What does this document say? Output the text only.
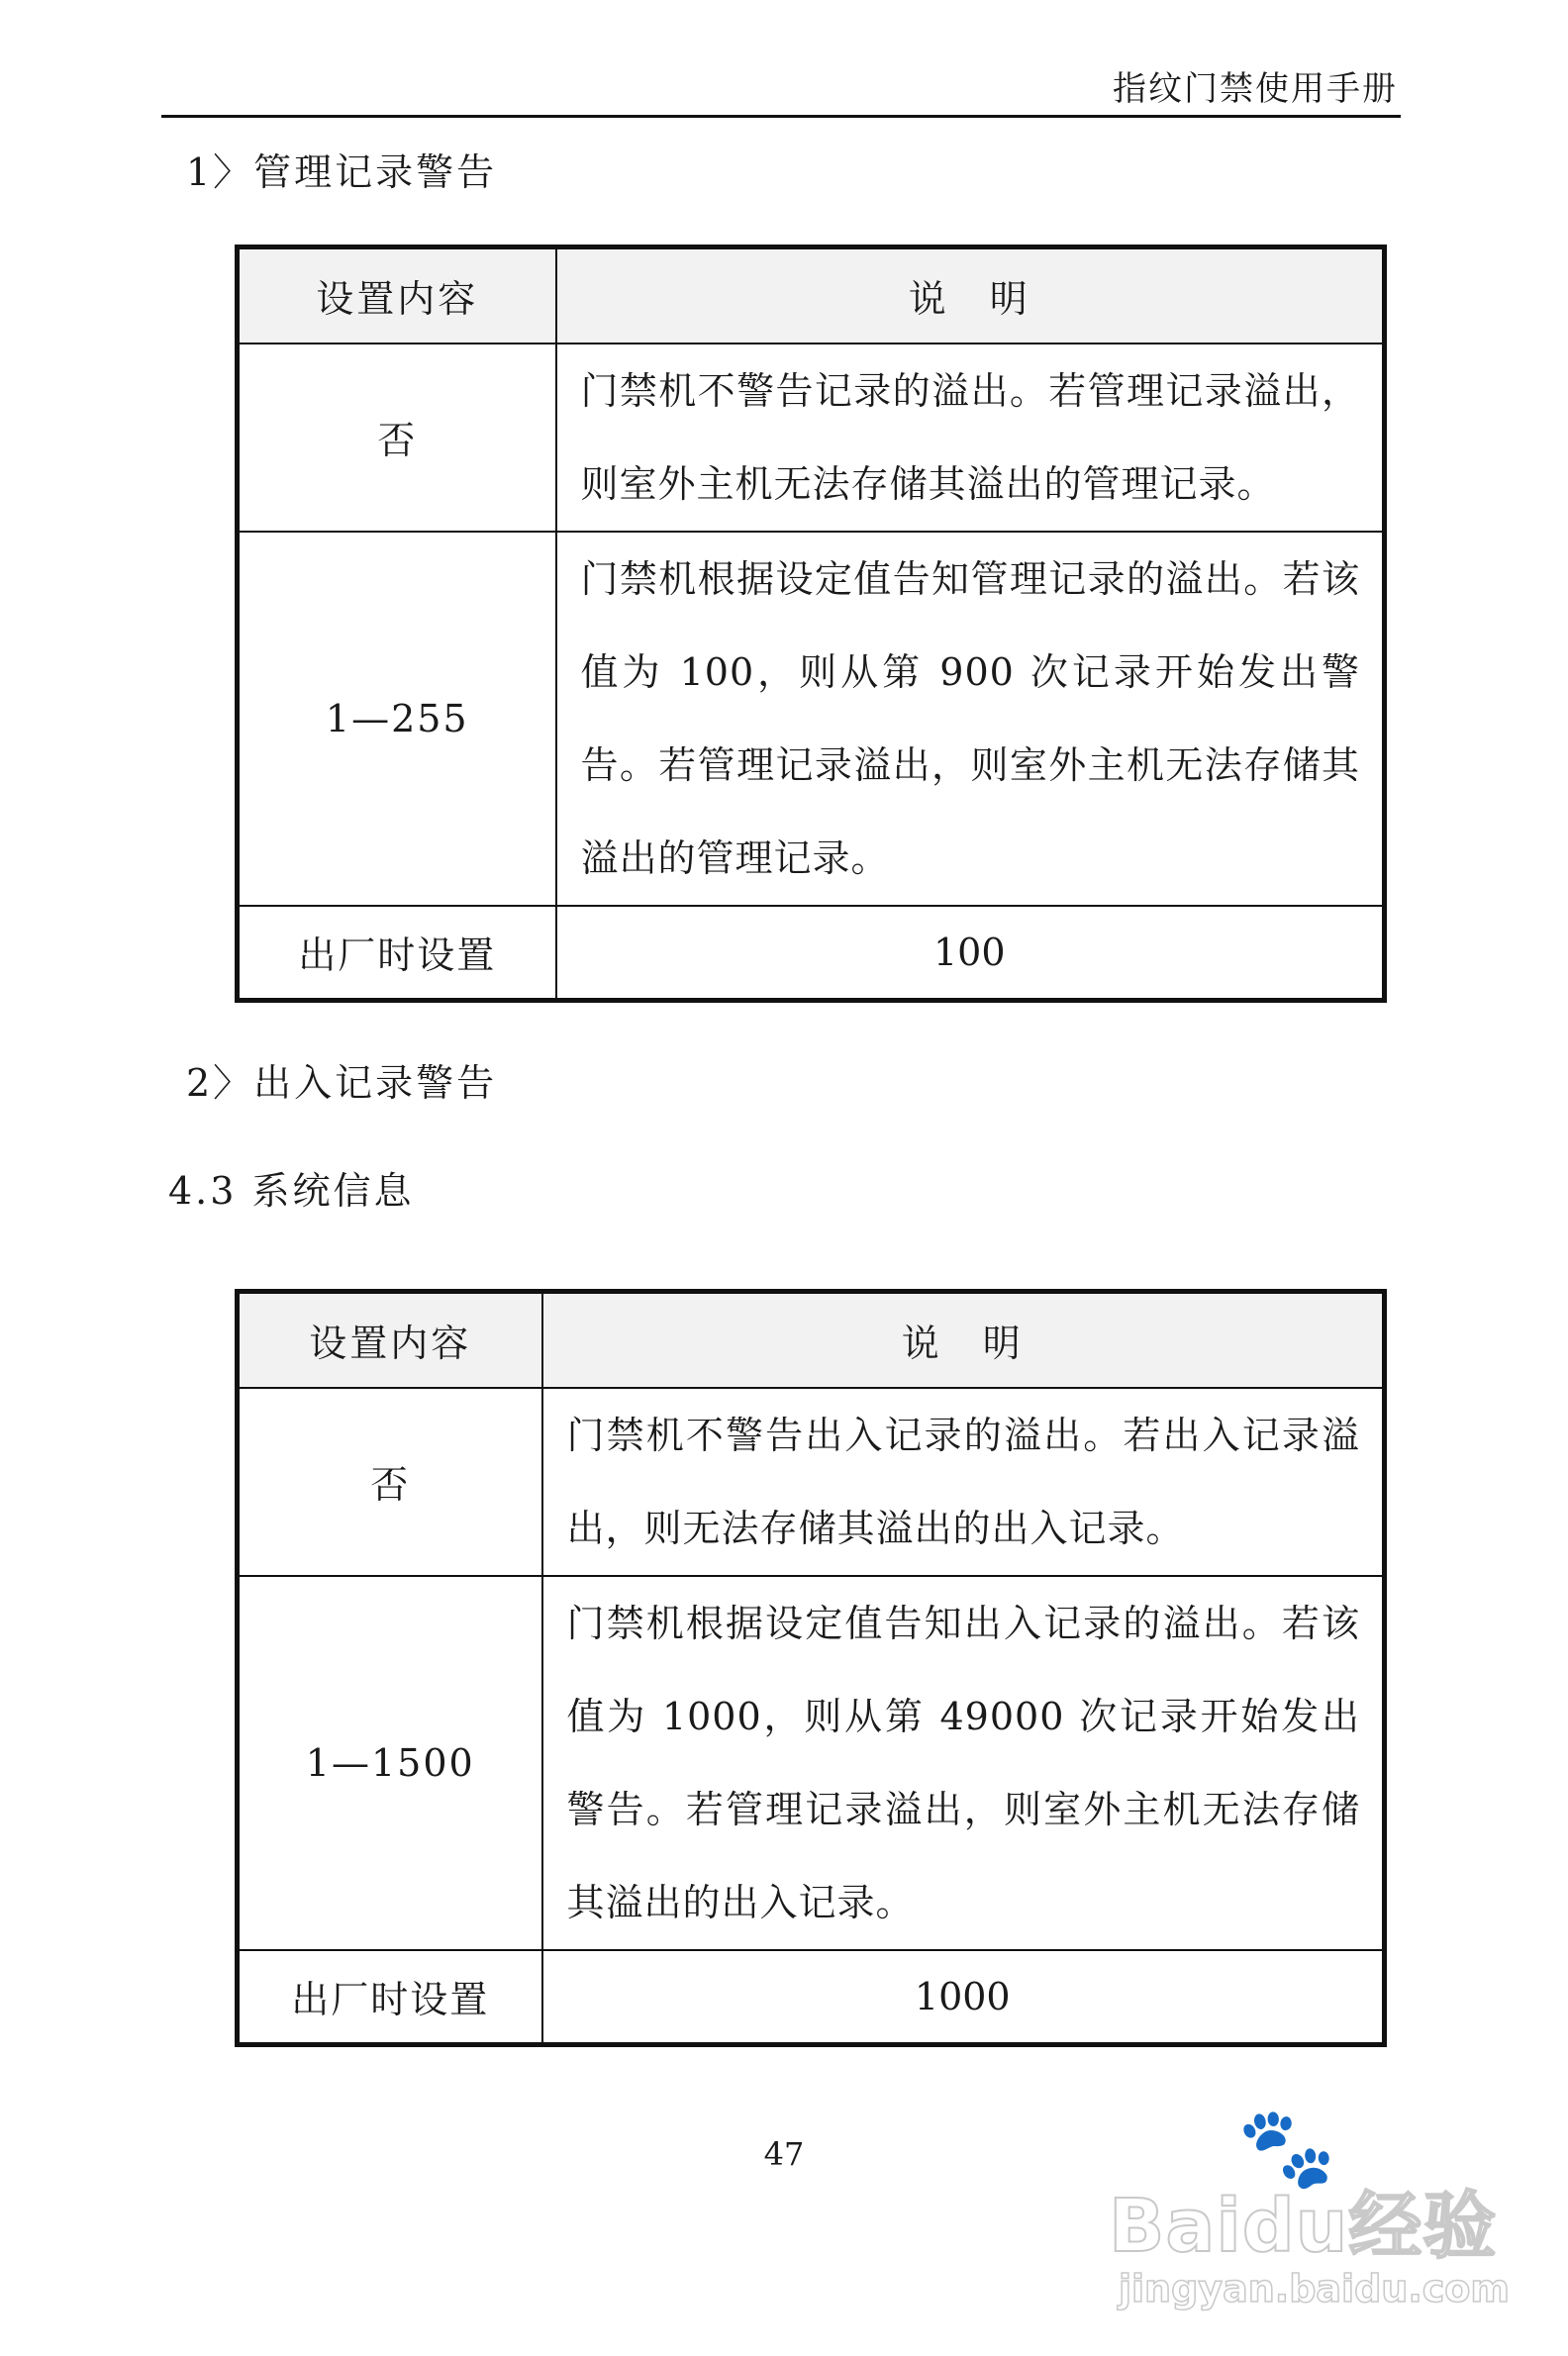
指纹门禁使用手册
1〉管理记录警告
设置内容	说　明
否	门禁机不警告记录的溢出。若管理记录溢出，则室外主机无法存储其溢出的管理记录。
1—255	门禁机根据设定值告知管理记录的溢出。若该值为 100，则从第 900 次记录开始发出警告。若管理记录溢出，则室外主机无法存储其溢出的管理记录。
出厂时设置	100
2〉出入记录警告
4.3 系统信息
设置内容	说　明
否	门禁机不警告出入记录的溢出。若出入记录溢出，则无法存储其溢出的出入记录。
1—1500	门禁机根据设定值告知出入记录的溢出。若该值为 1000，则从第 49000 次记录开始发出警告。若管理记录溢出，则室外主机无法存储其溢出的出入记录。
出厂时设置	1000
47	🐾
Baidu经验
jingyan.baidu.com
